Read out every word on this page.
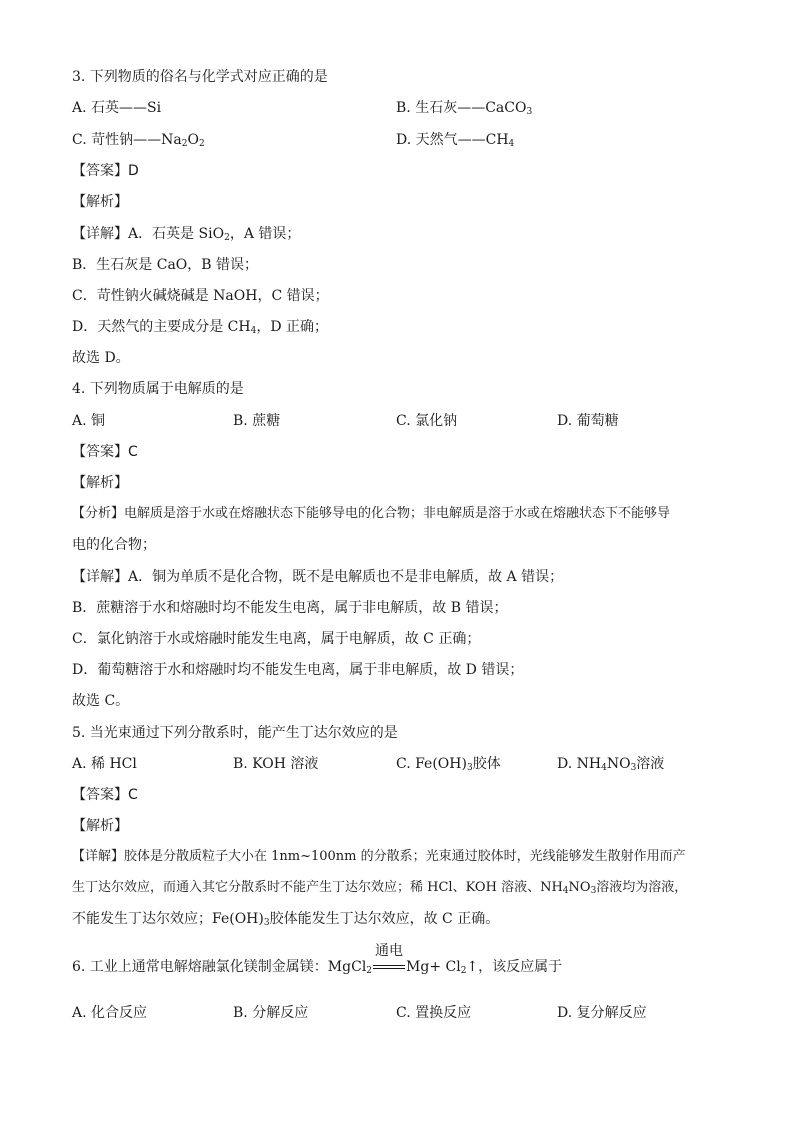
3. 下列物质的俗名与化学式对应正确的是
A. 石英——Si	B. 生石灰——CaCO$_3$
C. 苛性钠$——Na_2O_2$	D. 天然气$——CH_4$
【答案】D
【解析】
【详解】A．石英是 SiO$_2$，A 错误；
B．生石灰是 CaO，B 错误；
C．苛性钠火碱烧碱是 NaOH，C 错误；
D．天然气的主要成分是 $CH_4$，D 正确；
故选 D。
4. 下列物质属于电解质的是
A. 铜	B. 蔗糖	C. 氯化钠	D. 葡萄糖
【答案】C
【解析】
【分析】电解质是溶于水或在熔融状态下能够导电的化合物；非电解质是溶于水或在熔融状态下不能够导
电的化合物；
【详解】A．铜为单质不是化合物，既不是电解质也不是非电解质，故 A 错误；
B．蔗糖溶于水和熔融时均不能发生电离，属于非电解质，故 B 错误；
C．氯化钠溶于水或熔融时能发生电离，属于电解质，故 C 正确；
D．葡萄糖溶于水和熔融时均不能发生电离，属于非电解质，故 D 错误；
故选 C。
5. 当光束通过下列分散系时，能产生丁达尔效应的是
A. 稀 HCl	B. KOH 溶液	C. $Fe(OH)_3$胶体	D. $NH_4NO_3$溶液
【答案】C
【解析】
【详解】胶体是分散质粒子大小在 1nm~100nm 的分散系；光束通过胶体时，光线能够发生散射作用而产
生丁达尔效应，而通入其它分散系时不能产生丁达尔效应；稀 HCl、KOH 溶液、$NH_4NO_3$溶液均为溶液，
不能发生丁达尔效应；$Fe(OH)_3$胶体能发生丁达尔效应，故 C 正确。
6. 工业上通常电解熔融氯化镁制金属镁：MgCl$_2$
通电
$Mg+ Cl_2↑$，该反应属于
A. 化合反应	B. 分解反应	C. 置换反应	D. 复分解反应
